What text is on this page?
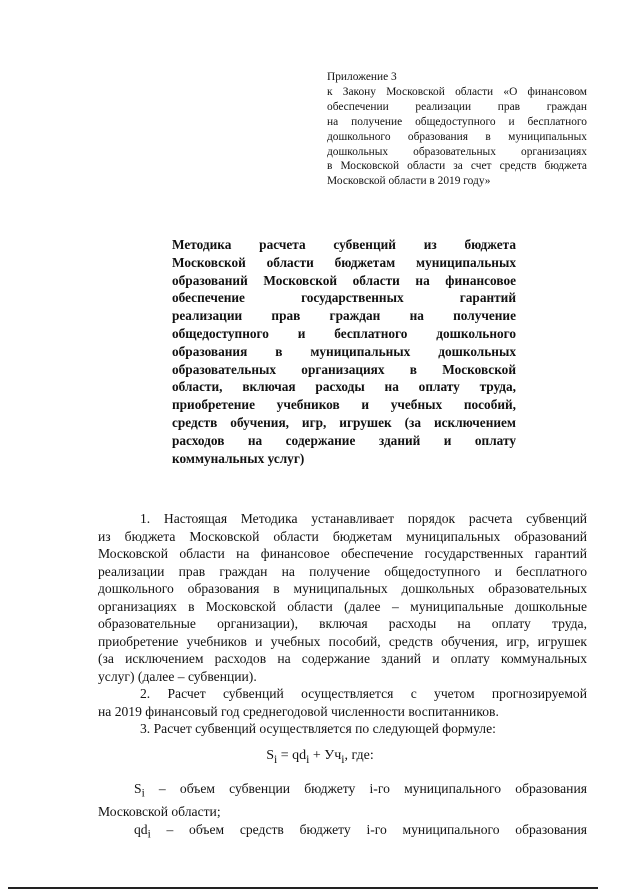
Приложение 3
к Закону Московской области «О финансовом
обеспечении реализации прав граждан
на получение общедоступного и бесплатного
дошкольного образования в муниципальных
дошкольных образовательных организациях
в Московской области за счет средств бюджета
Московской области в 2019 году»
Методика расчета субвенций из бюджета
Московской области бюджетам муниципальных
образований Московской области на финансовое
обеспечение государственных гарантий
реализации прав граждан на получение
общедоступного и бесплатного дошкольного
образования в муниципальных дошкольных
образовательных организациях в Московской
области, включая расходы на оплату труда,
приобретение учебников и учебных пособий,
средств обучения, игр, игрушек (за исключением
расходов на содержание зданий и оплату
коммунальных услуг)
1. Настоящая Методика устанавливает порядок расчета субвенций
из бюджета Московской области бюджетам муниципальных образований
Московской области на финансовое обеспечение государственных гарантий
реализации прав граждан на получение общедоступного и бесплатного
дошкольного образования в муниципальных дошкольных образовательных
организациях в Московской области (далее – муниципальные дошкольные
образовательные организации), включая расходы на оплату труда,
приобретение учебников и учебных пособий, средств обучения, игр, игрушек
(за исключением расходов на содержание зданий и оплату коммунальных
услуг) (далее – субвенции).
2. Расчет субвенций осуществляется с учетом прогнозируемой
на 2019 финансовый год среднегодовой численности воспитанников.
3. Расчет субвенций осуществляется по следующей формуле:
$S_i = qd_i + Уч_i$, где:
$S_i$ – объем субвенции бюджету i-го муниципального образования
Московской области;
$qd_i$ – объем средств бюджету i-го муниципального образования
